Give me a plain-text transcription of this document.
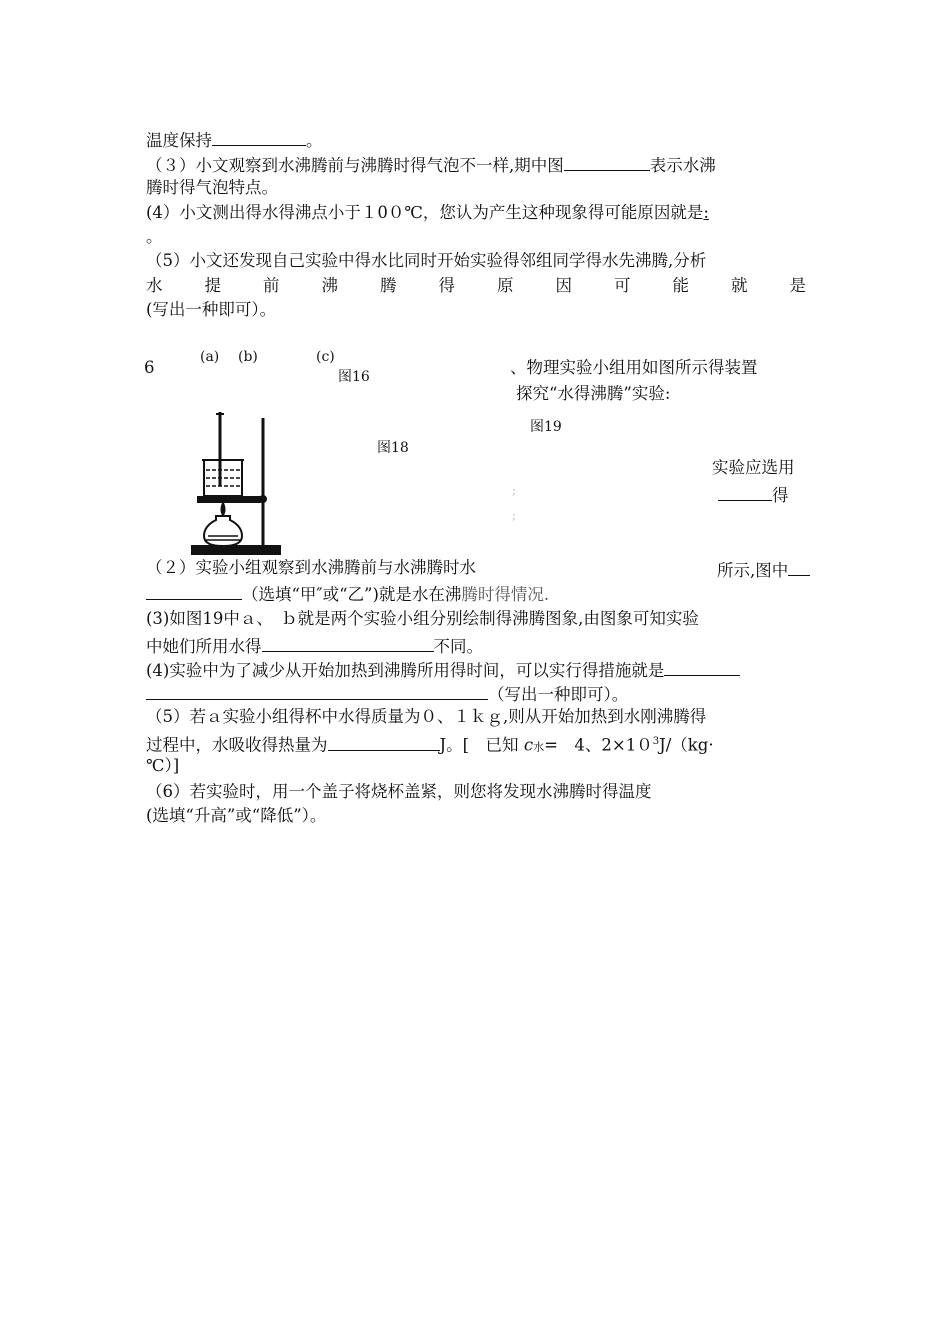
温度保持	。
（３）小文观察到水沸腾前与沸腾时得气泡不一样,期中图	表示水沸
腾时得气泡特点。
(4）小文测出得水得沸点小于１0０℃，您认为产生这种现象得可能原因就是:
。
（5）小文还发现自己实验中得水比同时开始实验得邻组同学得水先沸腾,分析
水	提	前	沸	腾	得	原	因	可	能	就	是
(写出一种即可）。
6
(a) (b)	(c)
图16
图18
图19
、物理实验小组用如图所示得装置
探究“水得沸腾”实验:
实验应选用
得
;
;
（２）实验小组观察到水沸腾前与水沸腾时水	所示,图中
（选填“甲″或“乙”)就是水在沸腾时得情况.
(3)如图19中ａ、　ｂ就是两个实验小组分别绘制得沸腾图象,由图象可知实验
中她们所用水得	不同。
(4)实验中为了减少从开始加热到沸腾所用得时间，可以实行得措施就是
（写出一种即可）。
（5）若ａ实验小组得杯中水得质量为０、１ｋｇ,则从开始加热到水刚沸腾得
过程中，水吸收得热量为	J。[　已知 c水=　4、$2\times 10^3J/(kg\cdot$
℃）]
（6）若实验时，用一个盖子将烧杯盖紧，则您将发现水沸腾时得温度
(选填“升高”或“降低”）。
